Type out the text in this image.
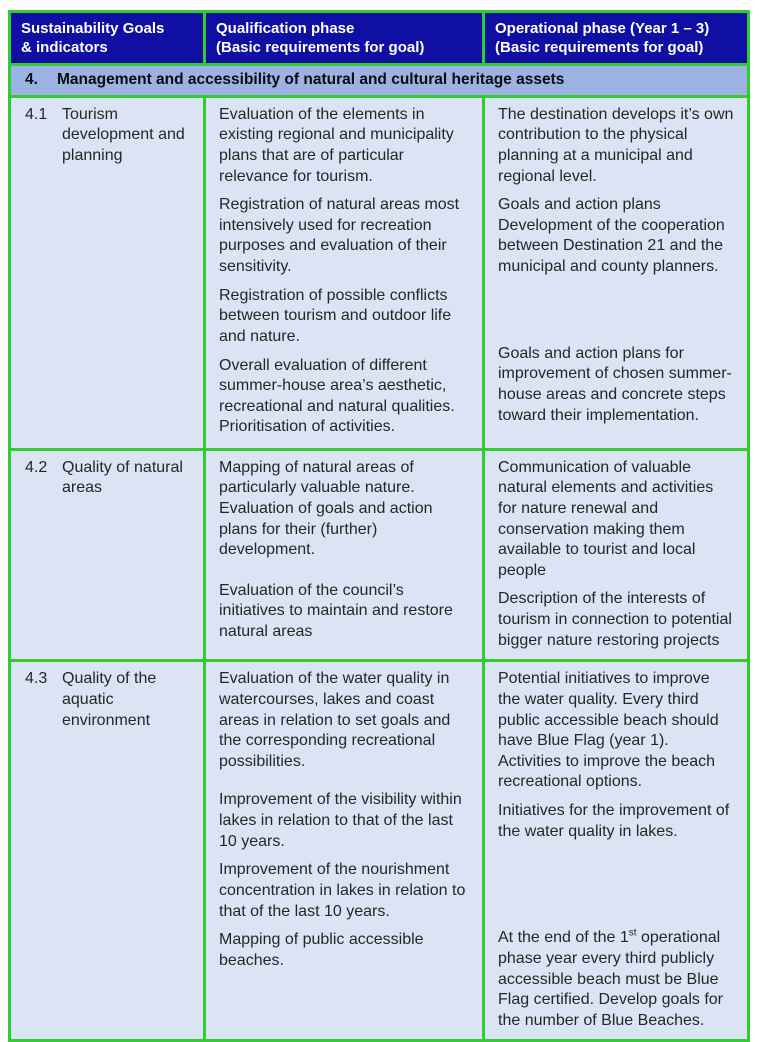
Sustainability Goals
& indicators
Qualification phase
(Basic requirements for goal)
Operational phase (Year 1 – 3)
(Basic requirements for goal)
4.	Management and accessibility of natural and cultural heritage assets
4.1 Tourism development and planning

Evaluation of the elements in existing regional and municipality plans that are of particular relevance for tourism.

Registration of natural areas most intensively used for recreation purposes and evaluation of their sensitivity.

Registration of possible conflicts between tourism and outdoor life and nature.

Overall evaluation of different summer-house area’s aesthetic, recreational and natural qualities. Prioritisation of activities.

The destination develops it’s own contribution to the physical planning at a municipal and regional level.

Goals and action plans Development of the cooperation between Destination 21 and the municipal and county planners.

Goals and action plans for improvement of chosen summer-house areas and concrete steps toward their implementation.

4.2 Quality of natural areas

Mapping of natural areas of particularly valuable nature. Evaluation of goals and action plans for their (further) development.

Evaluation of the council’s initiatives to maintain and restore natural areas

Communication of valuable natural elements and activities for nature renewal and conservation making them available to tourist and local people

Description of the interests of tourism in connection to potential bigger nature restoring projects

4.3 Quality of the aquatic environment

Evaluation of the water quality in watercourses, lakes and coast areas in relation to set goals and the corresponding recreational possibilities.

Improvement of the visibility within lakes in relation to that of the last 10 years.

Improvement of the nourishment concentration in lakes in relation to that of the last 10 years.

Mapping of public accessible beaches.

Potential initiatives to improve the water quality. Every third public accessible beach should have Blue Flag (year 1). Activities to improve the beach recreational options.

Initiatives for the improvement of the water quality in lakes.

At the end of the 1st operational phase year every third publicly accessible beach must be Blue Flag certified. Develop goals for the number of Blue Beaches.
